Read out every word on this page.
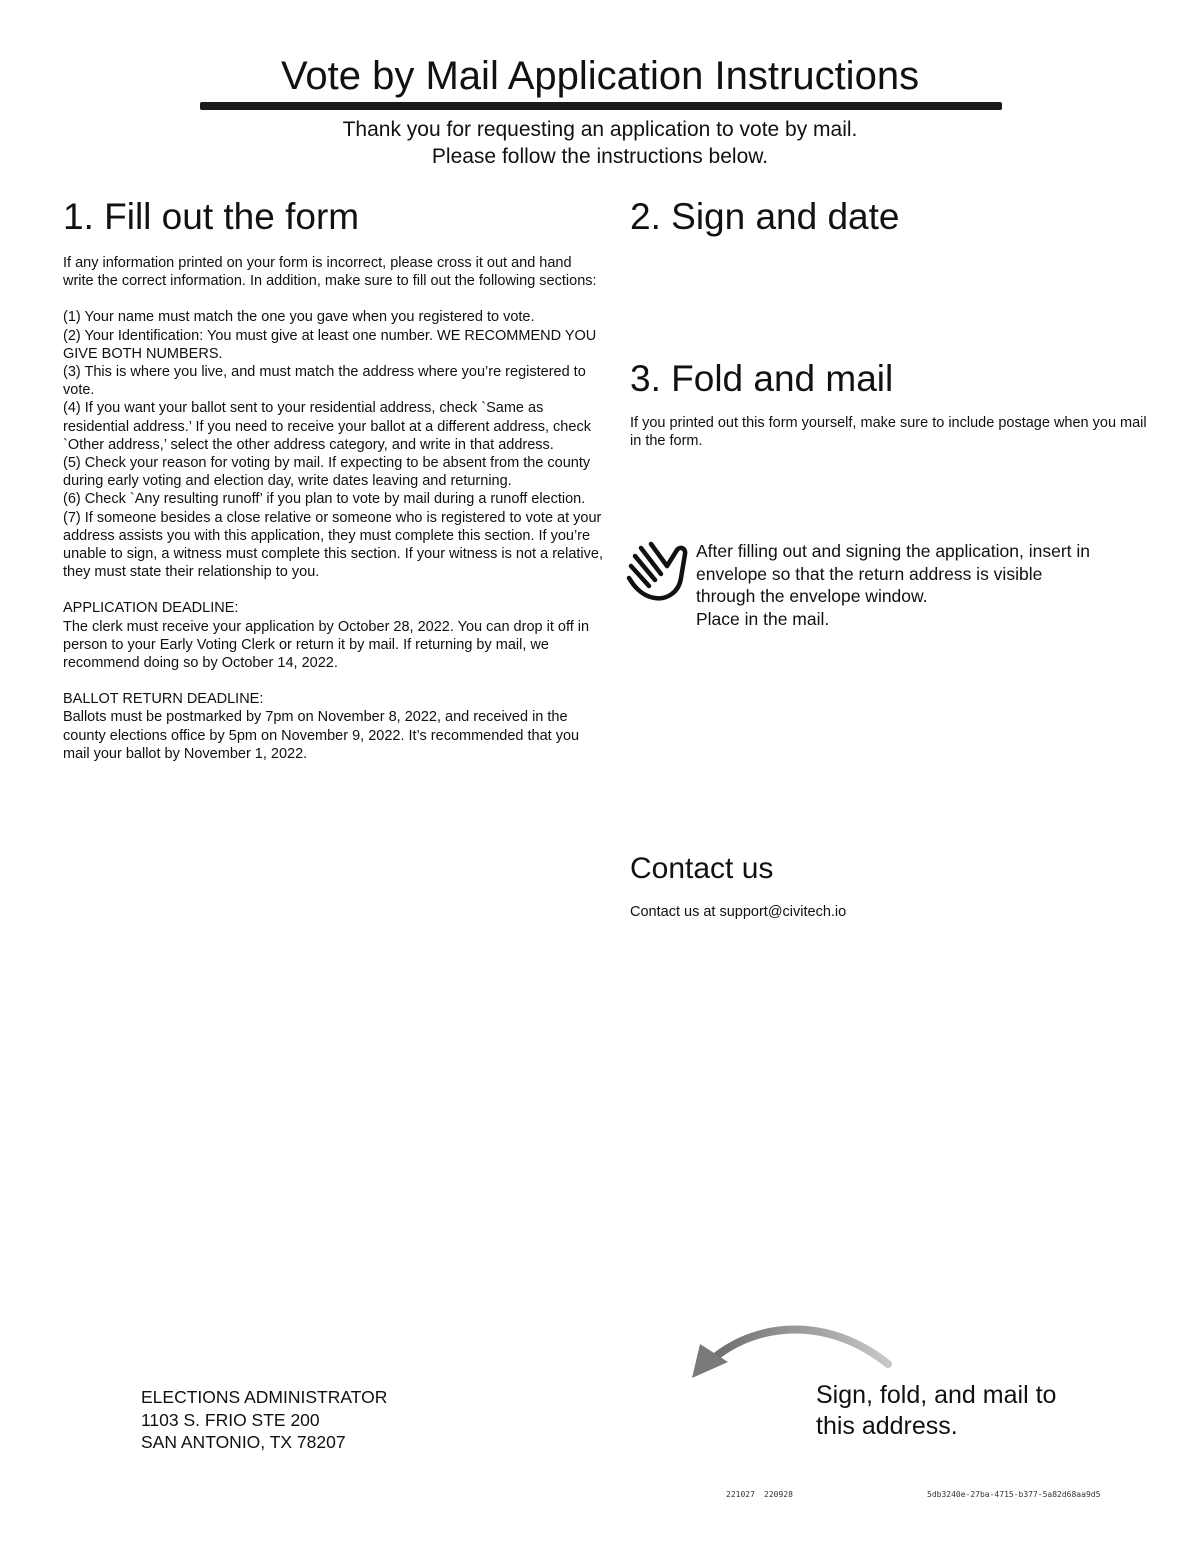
Vote by Mail Application Instructions
Thank you for requesting an application to vote by mail.
Please follow the instructions below.
1. Fill out the form

If any information printed on your form is incorrect, please cross it out and hand write the correct information. In addition, make sure to fill out the following sections:

(1) Your name must match the one you gave when you registered to vote.

(2) Your Identification: You must give at least one number. WE RECOMMEND YOU GIVE BOTH NUMBERS.

(3) This is where you live, and must match the address where you’re registered to vote.

(4) If you want your ballot sent to your residential address, check `Same as residential address.’ If you need to receive your ballot at a different address, check `Other address,’ select the other address category, and write in that address.

(5) Check your reason for voting by mail. If expecting to be absent from the county during early voting and election day, write dates leaving and returning.

(6) Check `Any resulting runoff’ if you plan to vote by mail during a runoff election.

(7) If someone besides a close relative or someone who is registered to vote at your address assists you with this application, they must complete this section. If you’re unable to sign, a witness must complete this section. If your witness is not a relative, they must state their relationship to you.

APPLICATION DEADLINE:

The clerk must receive your application by October 28, 2022. You can drop it off in person to your Early Voting Clerk or return it by mail. If returning by mail, we recommend doing so by October 14, 2022.

BALLOT RETURN DEADLINE:

Ballots must be postmarked by 7pm on November 8, 2022, and received in the county elections office by 5pm on November 9, 2022. It’s recommended that you mail your ballot by November 1, 2022.

2. Sign and date
3. Fold and mail
If you printed out this form yourself, make sure to include postage when you mail in the form.
After filling out and signing the application, insert in
envelope so that the return address is visible
through the envelope window.
Place in the mail.
Contact us
Contact us at support@civitech.io
ELECTIONS ADMINISTRATOR
1103 S. FRIO STE 200
SAN ANTONIO, TX 78207
Sign, fold, and mail to
this address.
221027 220928	5db3240e-27ba-4715-b377-5a82d68aa9d5
